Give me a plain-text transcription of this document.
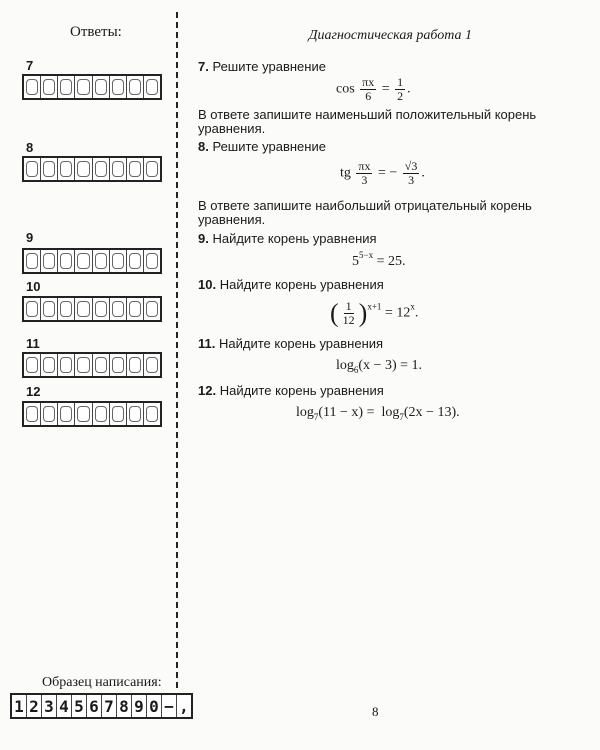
Ответы:
7
8
9
10
11
12
Диагностическая работа 1
7. Решите уравнение
$\cos \frac{\pi x}{6} = \frac{1}{2}$ .
В ответе запишите наименьший положительный корень уравнения.
8. Решите уравнение
tg $\frac{\pi x}{3}$ = − $\frac{√3}{3}$ .
В ответе запишите наибольший отрицательный корень уравнения.
9. Найдите корень уравнения
$5^{5-x} = 25$.
10. Найдите корень уравнения
( $\frac{1}{12} )^{x+1} = 12^x$.
11. Найдите корень уравнения
$\log_6(x - 3) = 1$.
12. Найдите корень уравнения
$\log_7(11 - x) = \log_7(2x - 13)$.
Образец написания:
1 2 3 4 5 6 7 8 9 0 − ,	8
